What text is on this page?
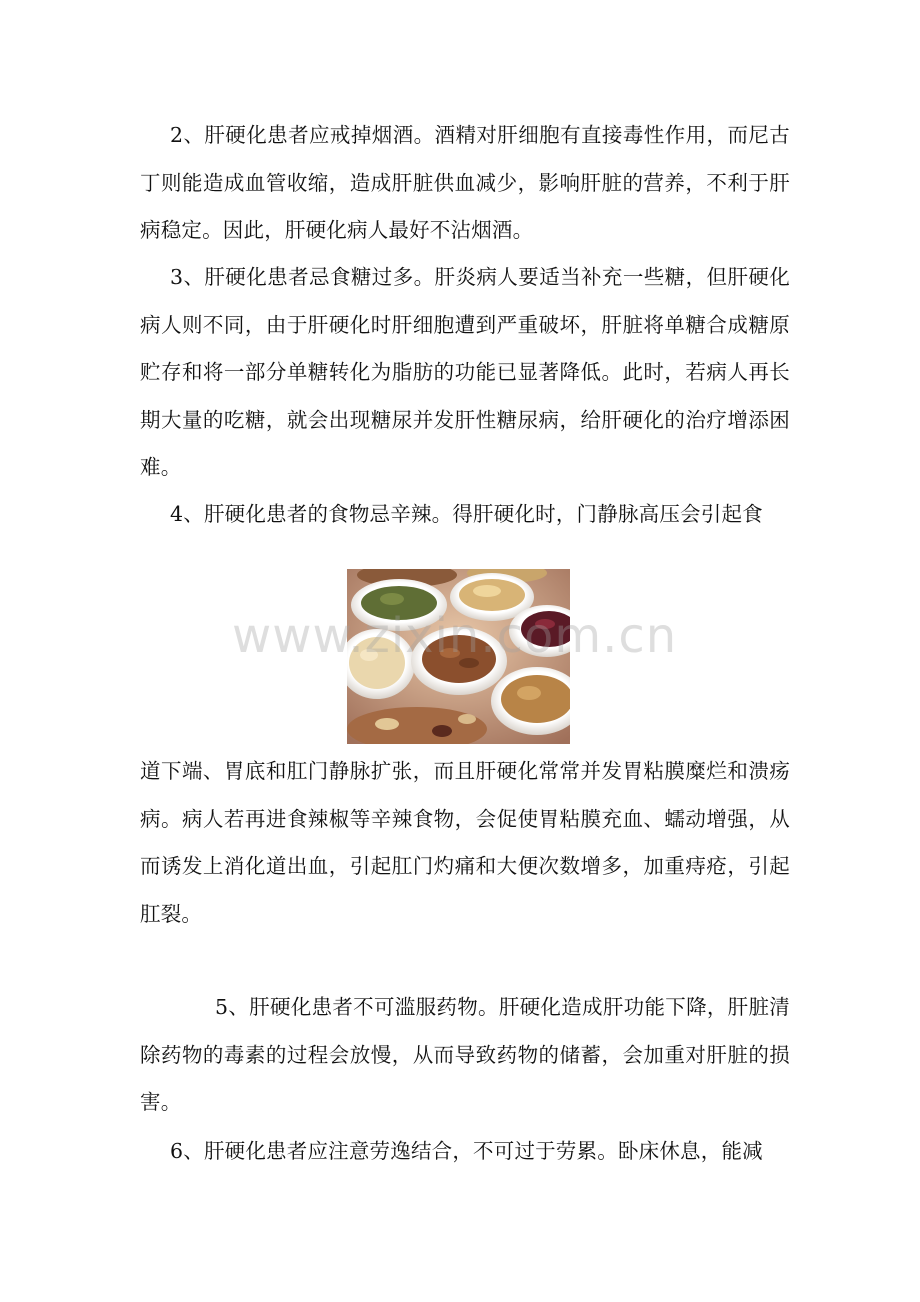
2、肝硬化患者应戒掉烟酒。酒精对肝细胞有直接毒性作用，而尼古丁则能造成血管收缩，造成肝脏供血减少，影响肝脏的营养，不利于肝病稳定。因此，肝硬化病人最好不沾烟酒。

3、肝硬化患者忌食糖过多。肝炎病人要适当补充一些糖，但肝硬化病人则不同，由于肝硬化时肝细胞遭到严重破坏，肝脏将单糖合成糖原贮存和将一部分单糖转化为脂肪的功能已显著降低。此时，若病人再长期大量的吃糖，就会出现糖尿并发肝性糖尿病，给肝硬化的治疗增添困难。

4、肝硬化患者的食物忌辛辣。得肝硬化时，门静脉高压会引起食

www.zixin.com.cn

道下端、胃底和肛门静脉扩张，而且肝硬化常常并发胃粘膜糜烂和溃疡病。病人若再进食辣椒等辛辣食物，会促使胃粘膜充血、蠕动增强，从而诱发上消化道出血，引起肛门灼痛和大便次数增多，加重痔疮，引起肛裂。

5、肝硬化患者不可滥服药物。肝硬化造成肝功能下降，肝脏清除药物的毒素的过程会放慢，从而导致药物的储蓄，会加重对肝脏的损害。

6、肝硬化患者应注意劳逸结合，不可过于劳累。卧床休息，能减
